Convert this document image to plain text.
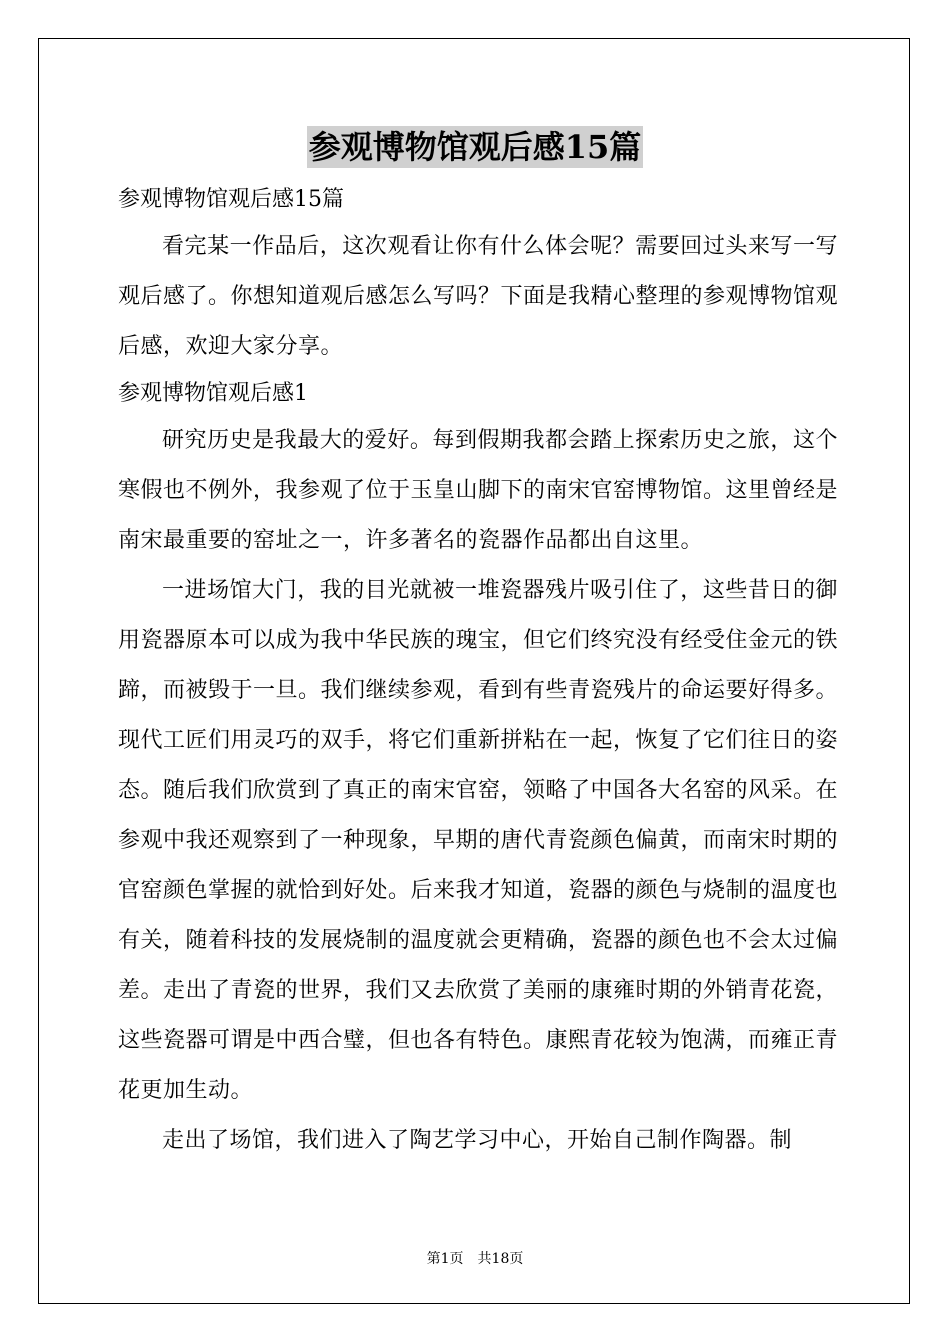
参观博物馆观后感15篇

参观博物馆观后感15篇

看完某一作品后，这次观看让你有什么体会呢？需要回过头来写一写观后感了。你想知道观后感怎么写吗？下面是我精心整理的参观博物馆观后感，欢迎大家分享。

参观博物馆观后感1

研究历史是我最大的爱好。每到假期我都会踏上探索历史之旅，这个寒假也不例外，我参观了位于玉皇山脚下的南宋官窑博物馆。这里曾经是南宋最重要的窑址之一，许多著名的瓷器作品都出自这里。

一进场馆大门，我的目光就被一堆瓷器残片吸引住了，这些昔日的御用瓷器原本可以成为我中华民族的瑰宝，但它们终究没有经受住金元的铁蹄，而被毁于一旦。我们继续参观，看到有些青瓷残片的命运要好得多。现代工匠们用灵巧的双手，将它们重新拼粘在一起，恢复了它们往日的姿态。随后我们欣赏到了真正的南宋官窑，领略了中国各大名窑的风采。在参观中我还观察到了一种现象，早期的唐代青瓷颜色偏黄，而南宋时期的官窑颜色掌握的就恰到好处。后来我才知道，瓷器的颜色与烧制的温度也有关，随着科技的发展烧制的温度就会更精确，瓷器的颜色也不会太过偏差。走出了青瓷的世界，我们又去欣赏了美丽的康雍时期的外销青花瓷，这些瓷器可谓是中西合璧，但也各有特色。康熙青花较为饱满，而雍正青花更加生动。

走出了场馆，我们进入了陶艺学习中心，开始自己制作陶器。制

第1页　共18页
